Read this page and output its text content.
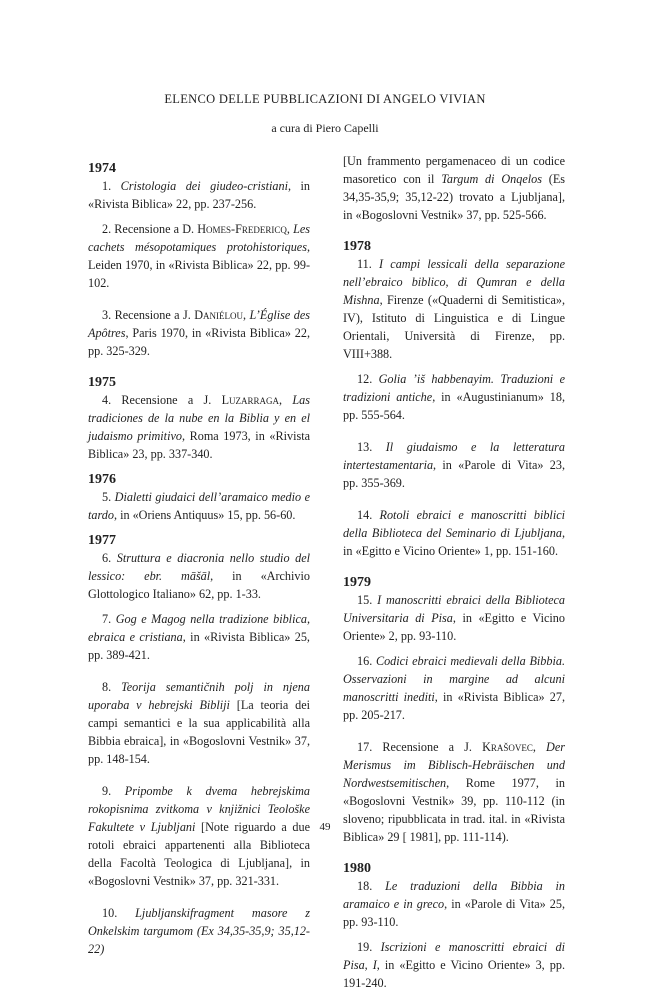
ELENCO DELLE PUBBLICAZIONI DI ANGELO VIVIAN
a cura di Piero Capelli
1974
1. Cristologia dei giudeo-cristiani, in «Rivista Biblica» 22, pp. 237-256.
2. Recensione a D. Homes-Fredericq, Les cachets mésopotamiques protohistoriques, Leiden 1970, in «Rivista Biblica» 22, pp. 99-102.
3. Recensione a J. Daniélou, L’Église des Apôtres, Paris 1970, in «Rivista Biblica» 22, pp. 325-329.
1975
4. Recensione a J. Luzarraga, Las tradiciones de la nube en la Biblia y en el judaismo primitivo, Roma 1973, in «Rivista Biblica» 23, pp. 337-340.
1976
5. Dialetti giudaici dell’aramaico medio e tardo, in «Oriens Antiquus» 15, pp. 56-60.
1977
6. Struttura e diacronia nello studio del lessico: ebr. māšāl, in «Archivio Glottologico Italiano» 62, pp. 1-33.
7. Gog e Magog nella tradizione biblica, ebraica e cristiana, in «Rivista Biblica» 25, pp. 389-421.
8. Teorija semantičnih polj in njena uporaba v hebrejski Bibliji [La teoria dei campi semantici e la sua applicabilità alla Bibbia ebraica], in «Bogoslovni Vestnik» 37, pp. 148-154.
9. Pripombe k dvema hebrejskima rokopisnima zvitkoma v knjižnici Teološke Fakultete v Ljubljani [Note riguardo a due rotoli ebraici appartenenti alla Biblioteca della Facoltà Teologica di Ljubljana], in «Bogoslovni Vestnik» 37, pp. 321-331.
10. Ljubljanskifragment masore z Onkelskim targumom (Ex 34,35-35,9; 35,12-22)
[Un frammento pergamenaceo di un codice masoretico con il Targum di Onqelos (Es 34,35-35,9; 35,12-22) trovato a Ljubljana], in «Bogoslovni Vestnik» 37, pp. 525-566.
1978
11. I campi lessicali della separazione nell’ebraico biblico, di Qumran e della Mishna, Firenze («Quaderni di Semitistica», IV), Istituto di Linguistica e di Lingue Orientali, Università di Firenze, pp. VIII+388.
12. Golia ’iš habbenayim. Traduzioni e tradizioni antiche, in «Augustinianum» 18, pp. 555-564.
13. Il giudaismo e la letteratura intertestamentaria, in «Parole di Vita» 23, pp. 355-369.
14. Rotoli ebraici e manoscritti biblici della Biblioteca del Seminario di Ljubljana, in «Egitto e Vicino Oriente» 1, pp. 151-160.
1979
15. I manoscritti ebraici della Biblioteca Universitaria di Pisa, in «Egitto e Vicino Oriente» 2, pp. 93-110.
16. Codici ebraici medievali della Bibbia. Osservazioni in margine ad alcuni manoscritti inediti, in «Rivista Biblica» 27, pp. 205-217.
17. Recensione a J. Krašovec, Der Merismus im Biblisch-Hebräischen und Nordwestsemitischen, Rome 1977, in «Bogoslovni Vestnik» 39, pp. 110-112 (in sloveno; ripubblicata in trad. ital. in «Rivista Biblica» 29 [ 1981], pp. 111-114).
1980
18. Le traduzioni della Bibbia in aramaico e in greco, in «Parole di Vita» 25, pp. 93-110.
19. Iscrizioni e manoscritti ebraici di Pisa, I, in «Egitto e Vicino Oriente» 3, pp. 191-240.
49
